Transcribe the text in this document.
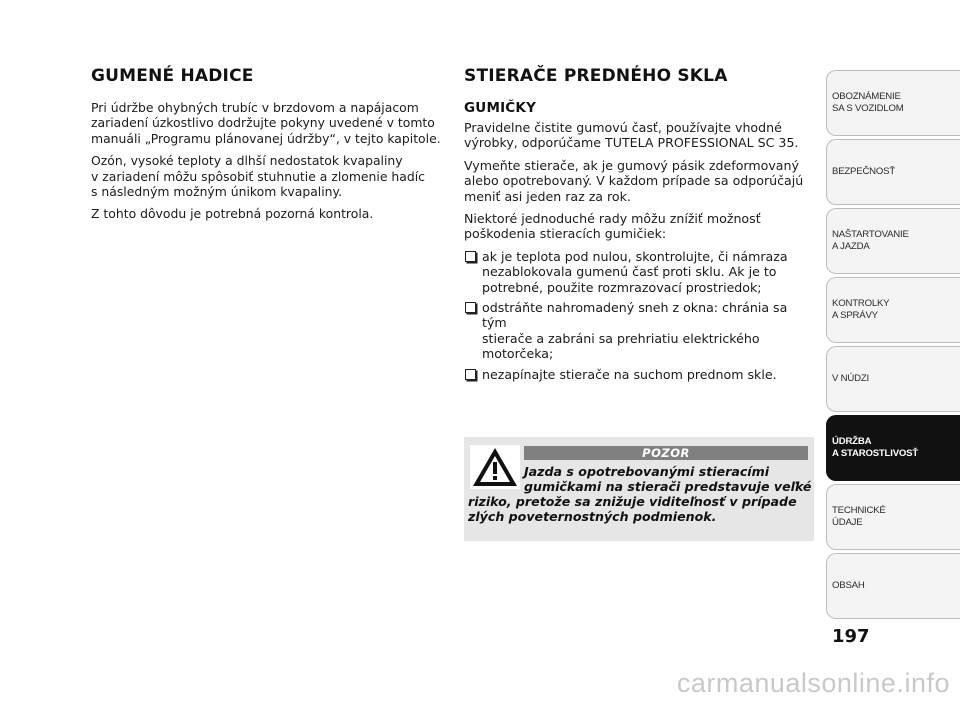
GUMENÉ HADICE

Pri údržbe ohybných trubíc v brzdovom a napájacom
zariadení úzkostlivo dodržujte pokyny uvedené v tomto
manuáli „Programu plánovanej údržby“, v tejto kapitole.

Ozón, vysoké teploty a dlhší nedostatok kvapaliny
v zariadení môžu spôsobiť stuhnutie a zlomenie hadíc
s následným možným únikom kvapaliny.

Z tohto dôvodu je potrebná pozorná kontrola.

STIERAČE PREDNÉHO SKLA
GUMIČKY

Pravidelne čistite gumovú časť, používajte vhodné
výrobky, odporúčame TUTELA PROFESSIONAL SC 35.

Vymeňte stierače, ak je gumový pásik zdeformovaný
alebo opotrebovaný. V každom prípade sa odporúčajú
meniť asi jeden raz za rok.

Niektoré jednoduché rady môžu znížiť možnosť
poškodenia stieracích gumičiek:

ak je teplota pod nulou, skontrolujte, či námraza
nezablokovala gumenú časť proti sklu. Ak je to
potrebné, použite rozmrazovací prostriedok;
odstráňte nahromadený sneh z okna: chránia sa tým
stierače a zabráni sa prehriatiu elektrického
motorčeka;
nezapínajte stierače na suchom prednom skle.
POZOR
Jazda s opotrebovanými stieracími
gumičkami na stierači predstavuje veľké
riziko, pretože sa znižuje viditeľnosť v prípade
zlých poveternostných podmienok.
OBOZNÁMENIE
SA S VOZIDLOM
BEZPEČNOSŤ
NAŠTARTOVANIE
A JAZDA
KONTROLKY
A SPRÁVY
V NÚDZI
ÚDRŽBA
A STAROSTLIVOSŤ
TECHNICKÉ
ÚDAJE
OBSAH
197
carmanualsonline.info
